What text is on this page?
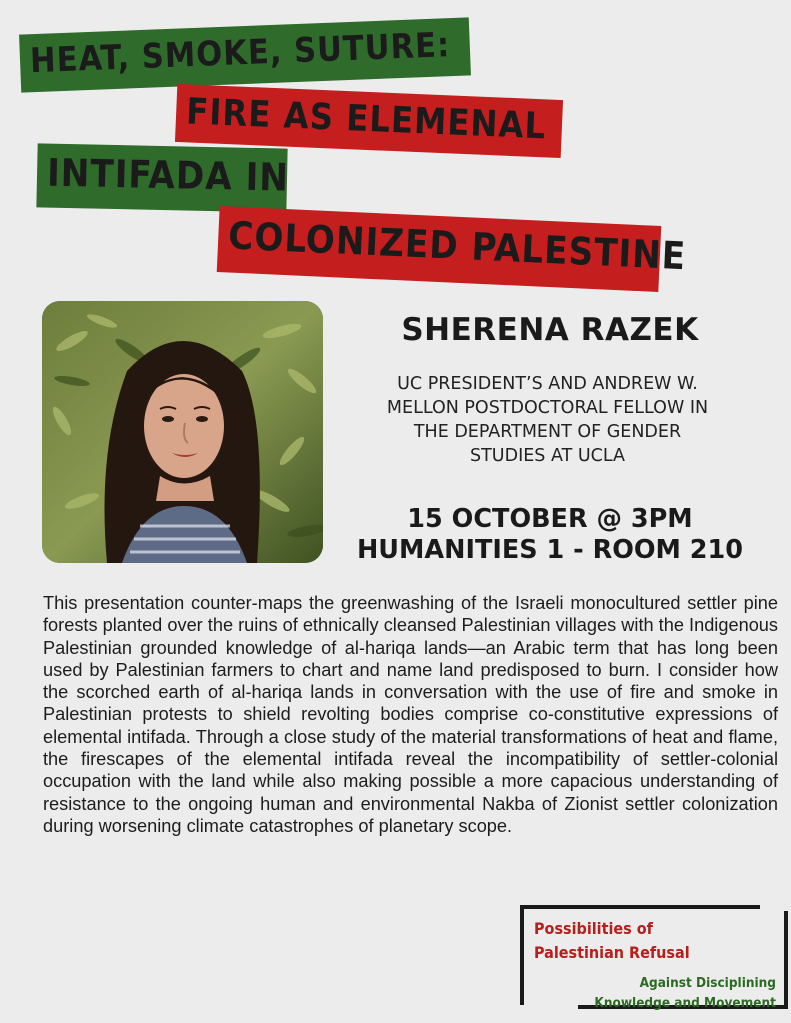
HEAT, SMOKE, SUTURE:
FIRE AS ELEMENAL
INTIFADA IN
COLONIZED PALESTINE
SHERENA RAZEK
UC PRESIDENT’S AND ANDREW W.
MELLON POSTDOCTORAL FELLOW IN
THE DEPARTMENT OF GENDER
STUDIES AT UCLA
15 OCTOBER @ 3PM
HUMANITIES 1 - ROOM 210

This presentation counter-maps the greenwashing of the Israeli monocultured settler pine forests planted over the ruins of ethnically cleansed Palestinian villages with the Indigenous Palestinian grounded knowledge of al-hariqa lands—an Arabic term that has long been used by Palestinian farmers to chart and name land predisposed to burn. I consider how the scorched earth of al-hariqa lands in conversation with the use of fire and smoke in Palestinian protests to shield revolting bodies comprise co-constitutive expressions of elemental intifada. Through a close study of the material transformations of heat and flame, the firescapes of the elemental intifada reveal the incompatibility of settler-colonial occupation with the land while also making possible a more capacious understanding of resistance to the ongoing human and environmental Nakba of Zionist settler colonization during worsening climate catastrophes of planetary scope.

Possibilities of
Palestinian Refusal
Against Disciplining
Knowledge and Movement
